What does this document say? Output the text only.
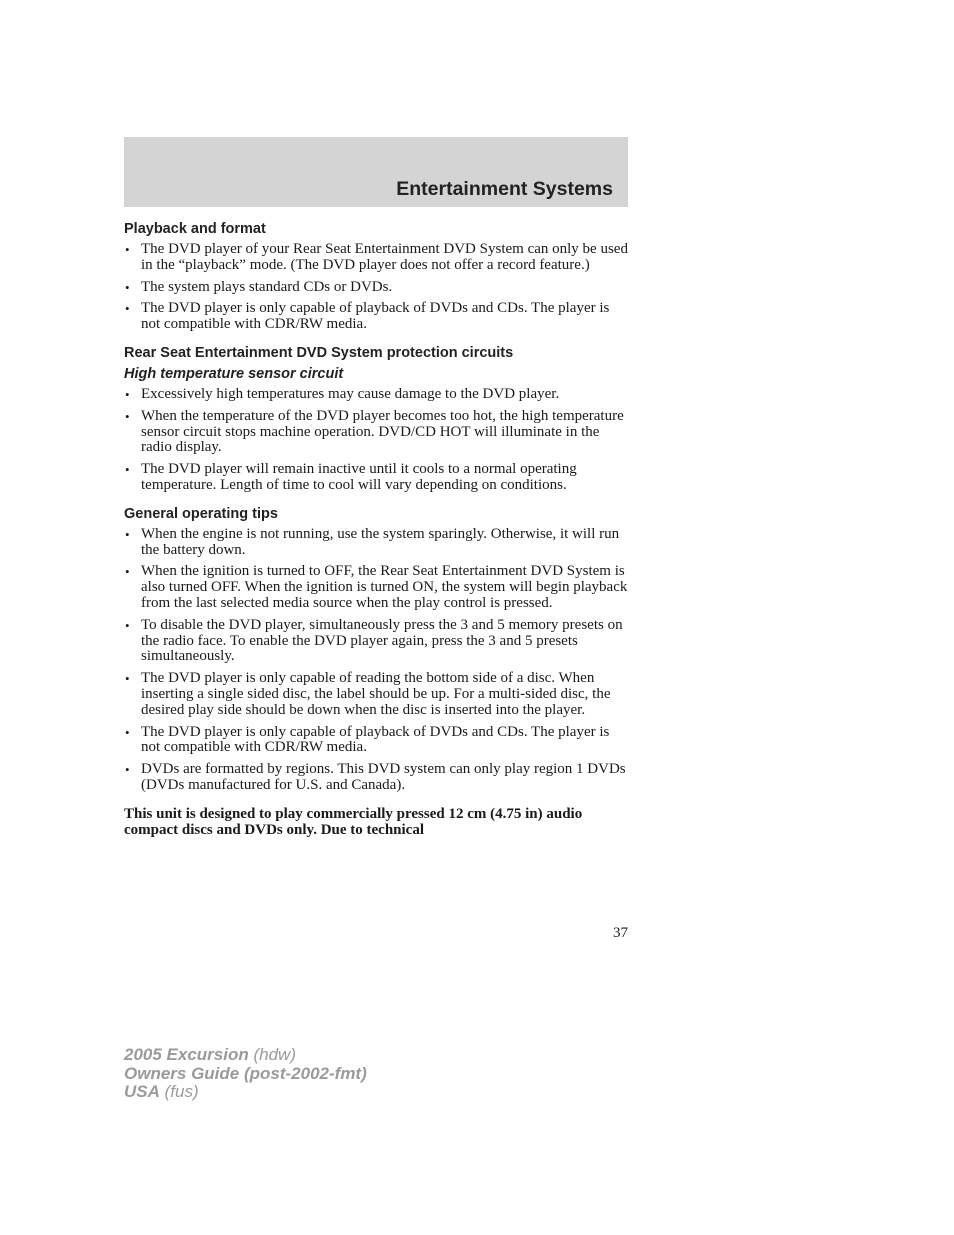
Entertainment Systems
Playback and format
• The DVD player of your Rear Seat Entertainment DVD System can only be used in the “playback” mode. (The DVD player does not offer a record feature.)
• The system plays standard CDs or DVDs.
• The DVD player is only capable of playback of DVDs and CDs. The player is not compatible with CDR/RW media.
Rear Seat Entertainment DVD System protection circuits
High temperature sensor circuit
• Excessively high temperatures may cause damage to the DVD player.
• When the temperature of the DVD player becomes too hot, the high temperature sensor circuit stops machine operation. DVD/CD HOT will illuminate in the radio display.
• The DVD player will remain inactive until it cools to a normal operating temperature. Length of time to cool will vary depending on conditions.
General operating tips
• When the engine is not running, use the system sparingly. Otherwise, it will run the battery down.
• When the ignition is turned to OFF, the Rear Seat Entertainment DVD System is also turned OFF. When the ignition is turned ON, the system will begin playback from the last selected media source when the play control is pressed.
• To disable the DVD player, simultaneously press the 3 and 5 memory presets on the radio face. To enable the DVD player again, press the 3 and 5 presets simultaneously.
• The DVD player is only capable of reading the bottom side of a disc. When inserting a single sided disc, the label should be up. For a multi-sided disc, the desired play side should be down when the disc is inserted into the player.
• The DVD player is only capable of playback of DVDs and CDs. The player is not compatible with CDR/RW media.
• DVDs are formatted by regions. This DVD system can only play region 1 DVDs (DVDs manufactured for U.S. and Canada).

This unit is designed to play commercially pressed 12 cm (4.75 in) audio compact discs and DVDs only. Due to technical

37
2005 Excursion (hdw)
Owners Guide (post-2002-fmt)
USA (fus)
